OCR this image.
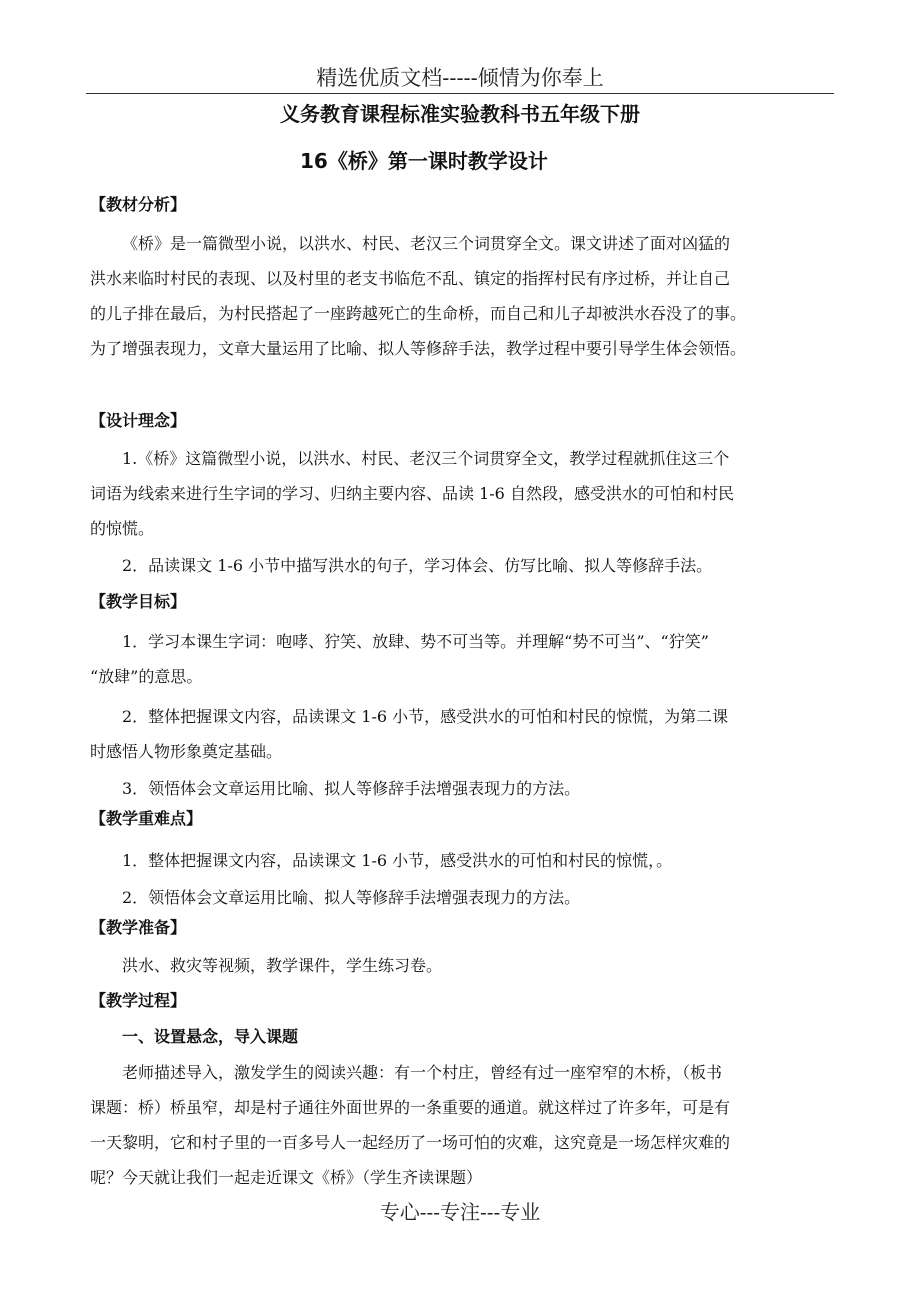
精选优质文档-----倾情为你奉上
义务教育课程标准实验教科书五年级下册
16《桥》第一课时教学设计
【教材分析】
《桥》是一篇微型小说，以洪水、村民、老汉三个词贯穿全文。课文讲述了面对凶猛的
洪水来临时村民的表现、以及村里的老支书临危不乱、镇定的指挥村民有序过桥，并让自己
的儿子排在最后，为村民搭起了一座跨越死亡的生命桥，而自己和儿子却被洪水吞没了的事。
为了增强表现力，文章大量运用了比喻、拟人等修辞手法，教学过程中要引导学生体会领悟。
【设计理念】
1.《桥》这篇微型小说，以洪水、村民、老汉三个词贯穿全文，教学过程就抓住这三个
词语为线索来进行生字词的学习、归纳主要内容、品读 1-6 自然段，感受洪水的可怕和村民
的惊慌。
2．品读课文 1-6 小节中描写洪水的句子，学习体会、仿写比喻、拟人等修辞手法。
【教学目标】
1．学习本课生字词：咆哮、狞笑、放肆、势不可当等。并理解“势不可当”、“狞笑”
“放肆”的意思。
2．整体把握课文内容，品读课文 1-6 小节，感受洪水的可怕和村民的惊慌，为第二课
时感悟人物形象奠定基础。
3．领悟体会文章运用比喻、拟人等修辞手法增强表现力的方法。
【教学重难点】
1．整体把握课文内容，品读课文 1-6 小节，感受洪水的可怕和村民的惊慌，。
2．领悟体会文章运用比喻、拟人等修辞手法增强表现力的方法。
【教学准备】
洪水、救灾等视频，教学课件，学生练习卷。
【教学过程】
一、设置悬念，导入课题
老师描述导入，激发学生的阅读兴趣：有一个村庄，曾经有过一座窄窄的木桥，（板书
课题：桥）桥虽窄，却是村子通往外面世界的一条重要的通道。就这样过了许多年，可是有
一天黎明，它和村子里的一百多号人一起经历了一场可怕的灾难，这究竟是一场怎样灾难的
呢？今天就让我们一起走近课文《桥》（学生齐读课题）
专心---专注---专业
